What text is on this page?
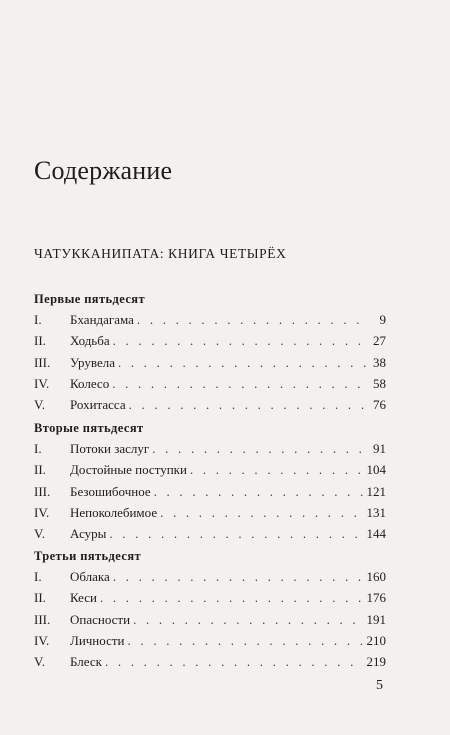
Содержание
ЧАТУККАНИПАТА: КНИГА ЧЕТЫРЁХ
Первые пятьдесят
I.	Бхандагама . . .	9
II.	Ходьба . . .	27
III.	Урувела . . .	38
IV.	Колесо . . .	58
V.	Рохитасса . . .	76
Вторые пятьдесят
I.	Потоки заслуг . . .	91
II.	Достойные поступки . . .	104
III.	Безошибочное . . .	121
IV.	Непоколебимое . . .	131
V.	Асуры . . .	144
Третьи пятьдесят
I.	Облака . . .	160
II.	Кеси . . .	176
III.	Опасности . . .	191
IV.	Личности . . .	210
V.	Блеск . . .	219
5
